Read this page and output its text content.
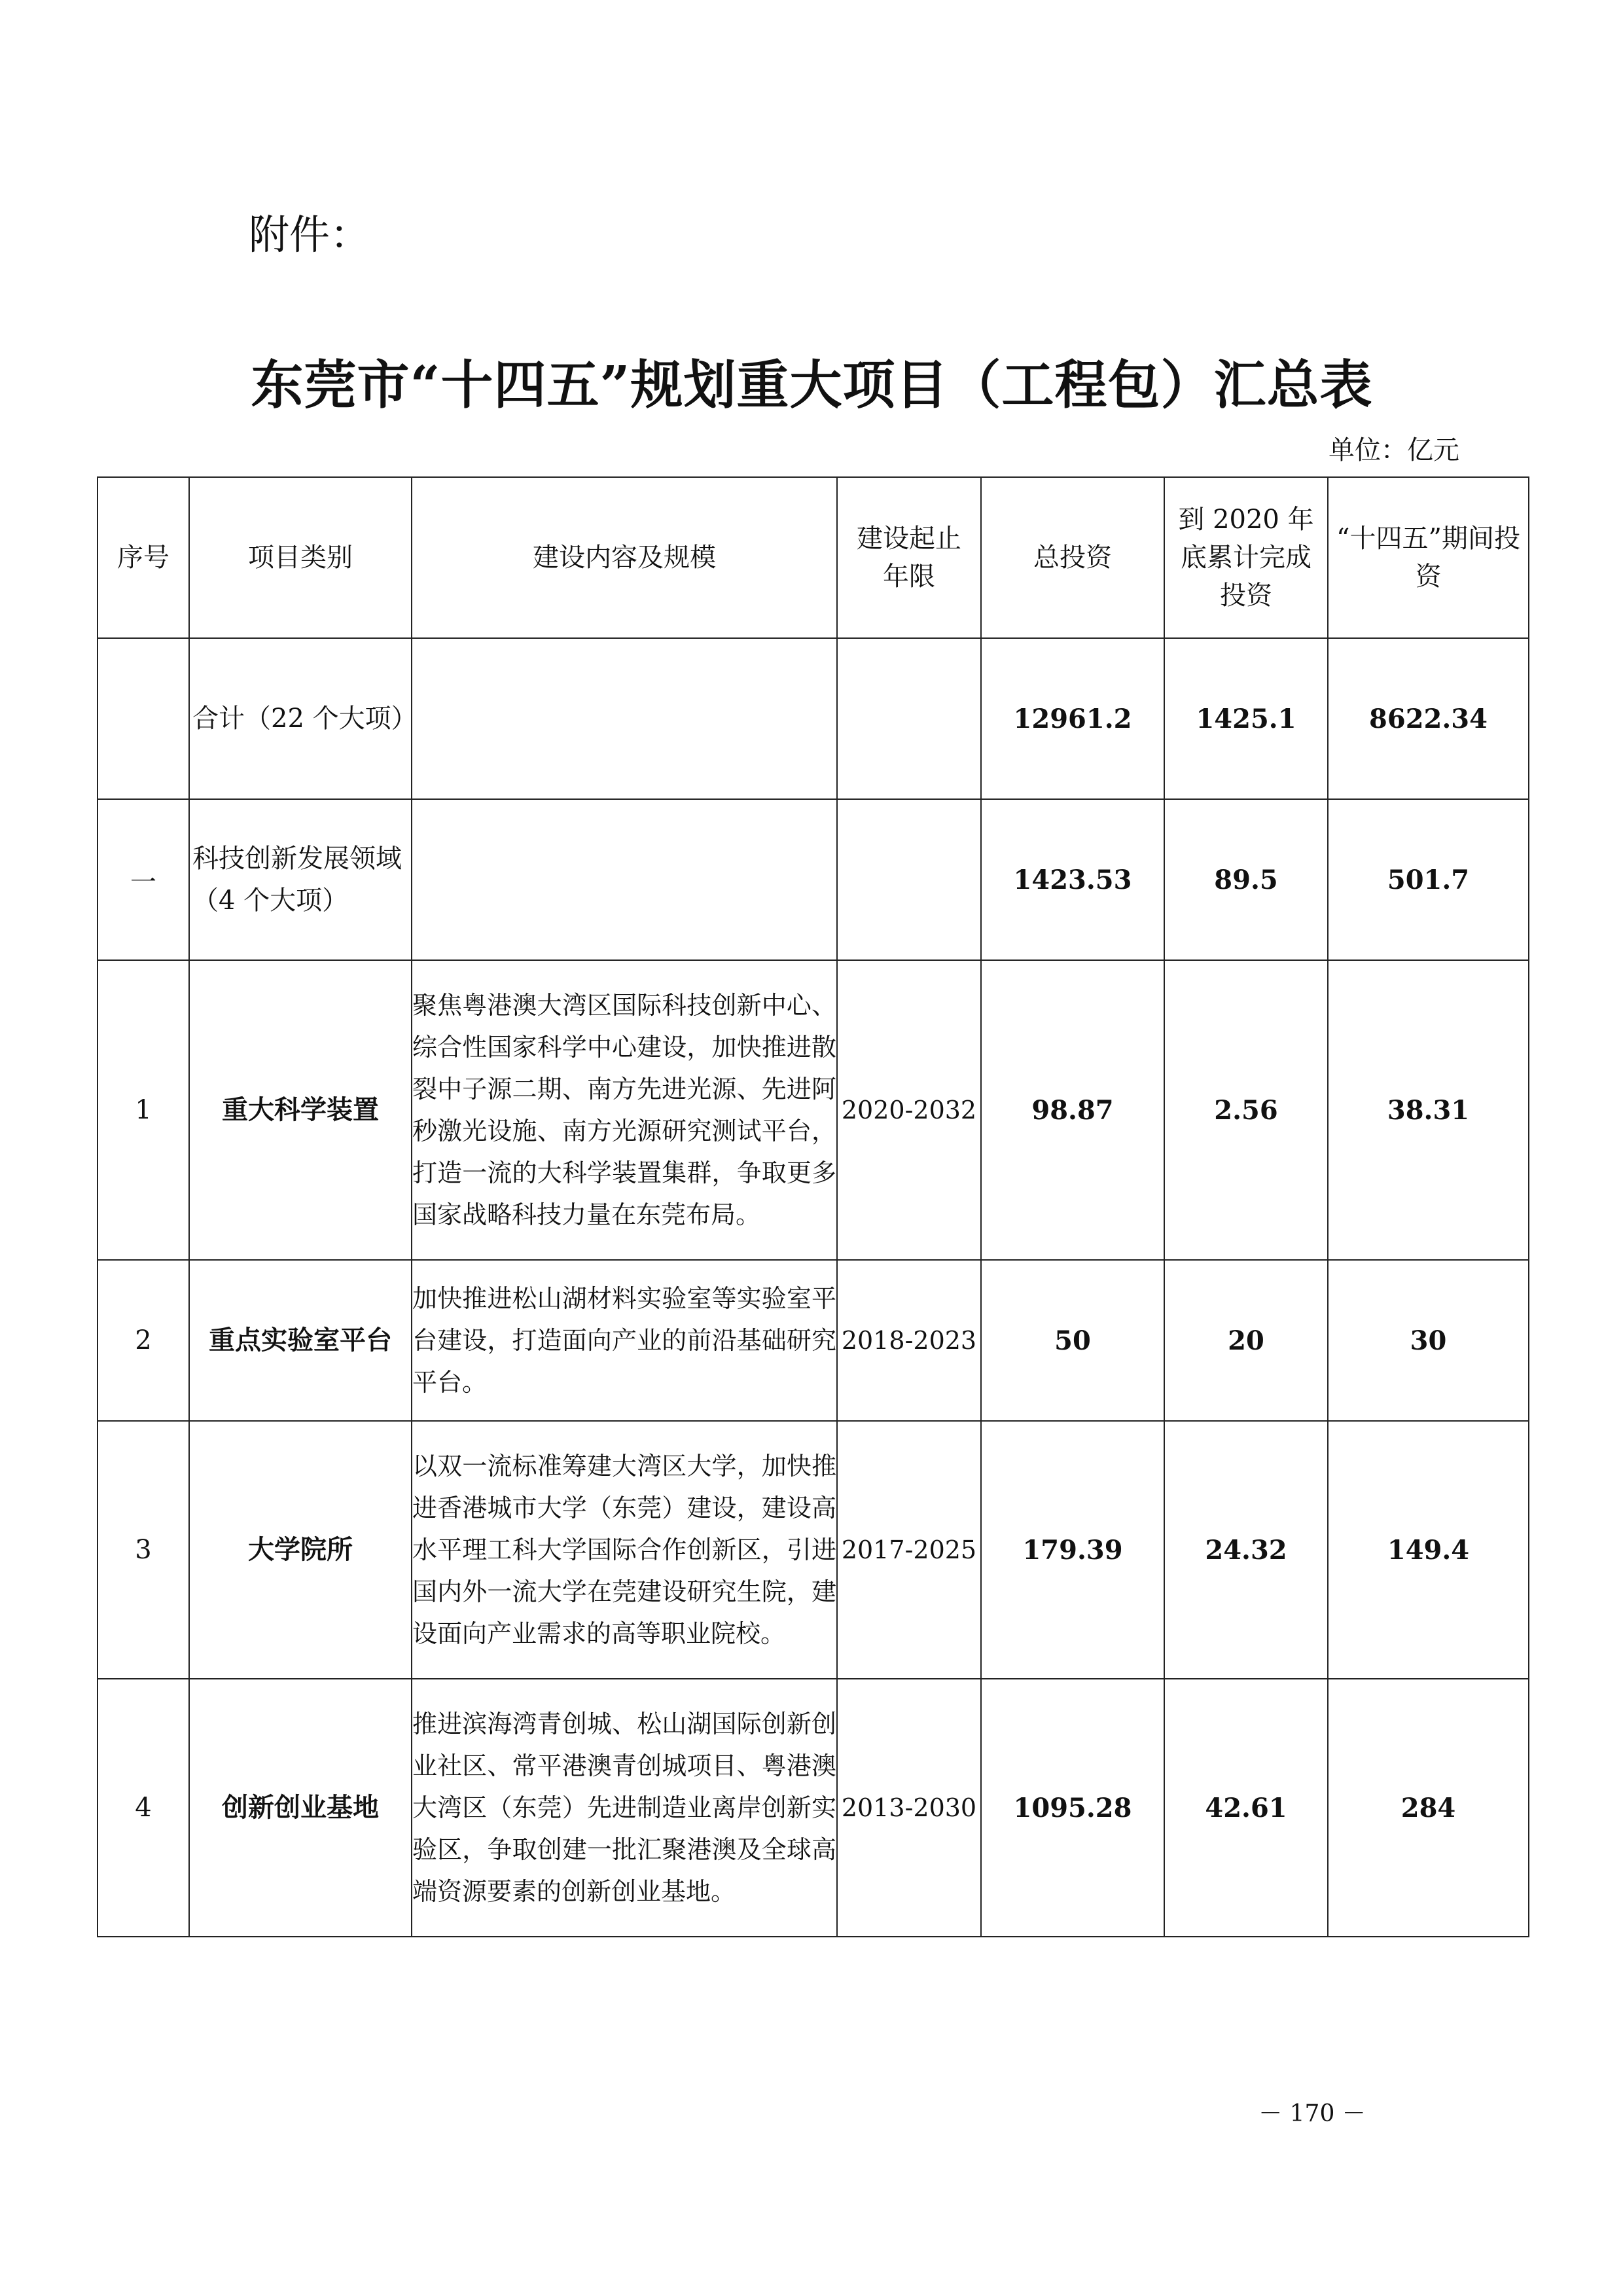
附件：
东莞市“十四五”规划重大项目（工程包）汇总表
单位：亿元
序号	项目类别	建设内容及规模	建设起止年限	总投资	到 2020 年底累计完成投资	“十四五”期间投资
	合计（22 个大项）			12961.2	1425.1	8622.34
一	科技创新发展领域（4 个大项）			1423.53	89.5	501.7
1	重大科学装置	聚焦粤港澳大湾区国际科技创新中心、综合性国家科学中心建设，加快推进散裂中子源二期、南方先进光源、先进阿秒激光设施、南方光源研究测试平台，打造一流的大科学装置集群，争取更多国家战略科技力量在东莞布局。	2020-2032	98.87	2.56	38.31
2	重点实验室平台	加快推进松山湖材料实验室等实验室平台建设，打造面向产业的前沿基础研究平台。	2018-2023	50	20	30
3	大学院所	以双一流标准筹建大湾区大学，加快推进香港城市大学（东莞）建设，建设高水平理工科大学国际合作创新区，引进国内外一流大学在莞建设研究生院，建设面向产业需求的高等职业院校。	2017-2025	179.39	24.32	149.4
4	创新创业基地	推进滨海湾青创城、松山湖国际创新创业社区、常平港澳青创城项目、粤港澳大湾区（东莞）先进制造业离岸创新实验区，争取创建一批汇聚港澳及全球高端资源要素的创新创业基地。	2013-2030	1095.28	42.61	284
－ 170 －
